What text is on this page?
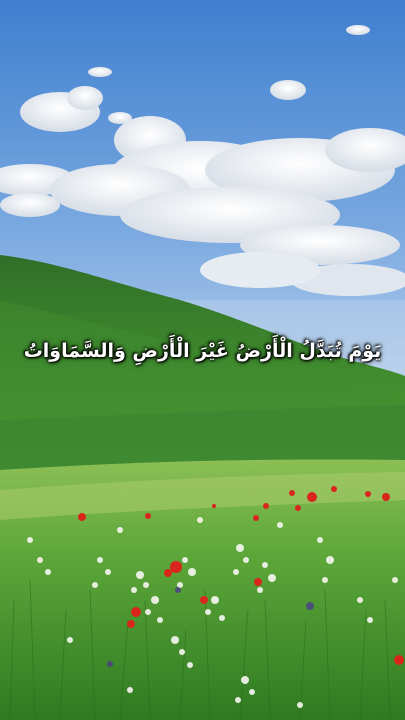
يَوْمَ تُبَدَّلُ الْأَرْضُ غَيْرَ الْأَرْضِ وَالسَّمَاوَاتُ
